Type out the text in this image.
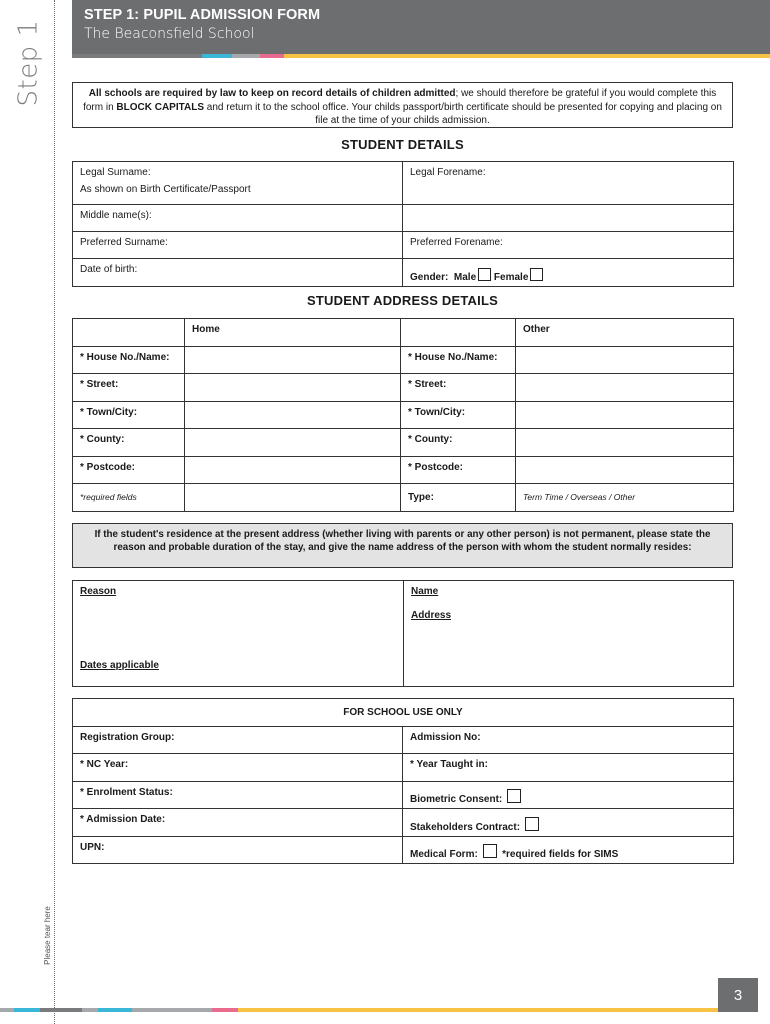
Step 1
Please tear here
STEP 1: PUPIL ADMISSION FORM
The Beaconsfield School
All schools are required by law to keep on record details of children admitted; we should therefore be grateful if you would complete this form in BLOCK CAPITALS and return it to the school office. Your childs passport/birth certificate should be presented for copying and placing on file at the time of your childs admission.
STUDENT DETAILS
Legal Surname:
As shown on Birth Certificate/Passport	Legal Forename:

Middle name(s):	

Preferred Surname:	Preferred Forename:

Date of birth:	Gender: Male Female
STUDENT ADDRESS DETAILS
	Home		Other
* House No./Name:		* House No./Name:	
* Street:		* Street:	
* Town/City:		* Town/City:	
* County:		* County:	
* Postcode:		* Postcode:	
*required fields		Type:	Term Time / Overseas / Other
If the student's residence at the present address (whether living with parents or any other person) is not permanent, please state the reason and probable duration of the stay, and give the name address of the person with whom the student normally resides:
Reason
Dates applicable

Name
Address
FOR SCHOOL USE ONLY	
Registration Group:	Admission No:
* NC Year:	* Year Taught in:
* Enrolment Status:	Biometric Consent:
* Admission Date:	Stakeholders Contract:
UPN:	Medical Form: *required fields for SIMS
3
